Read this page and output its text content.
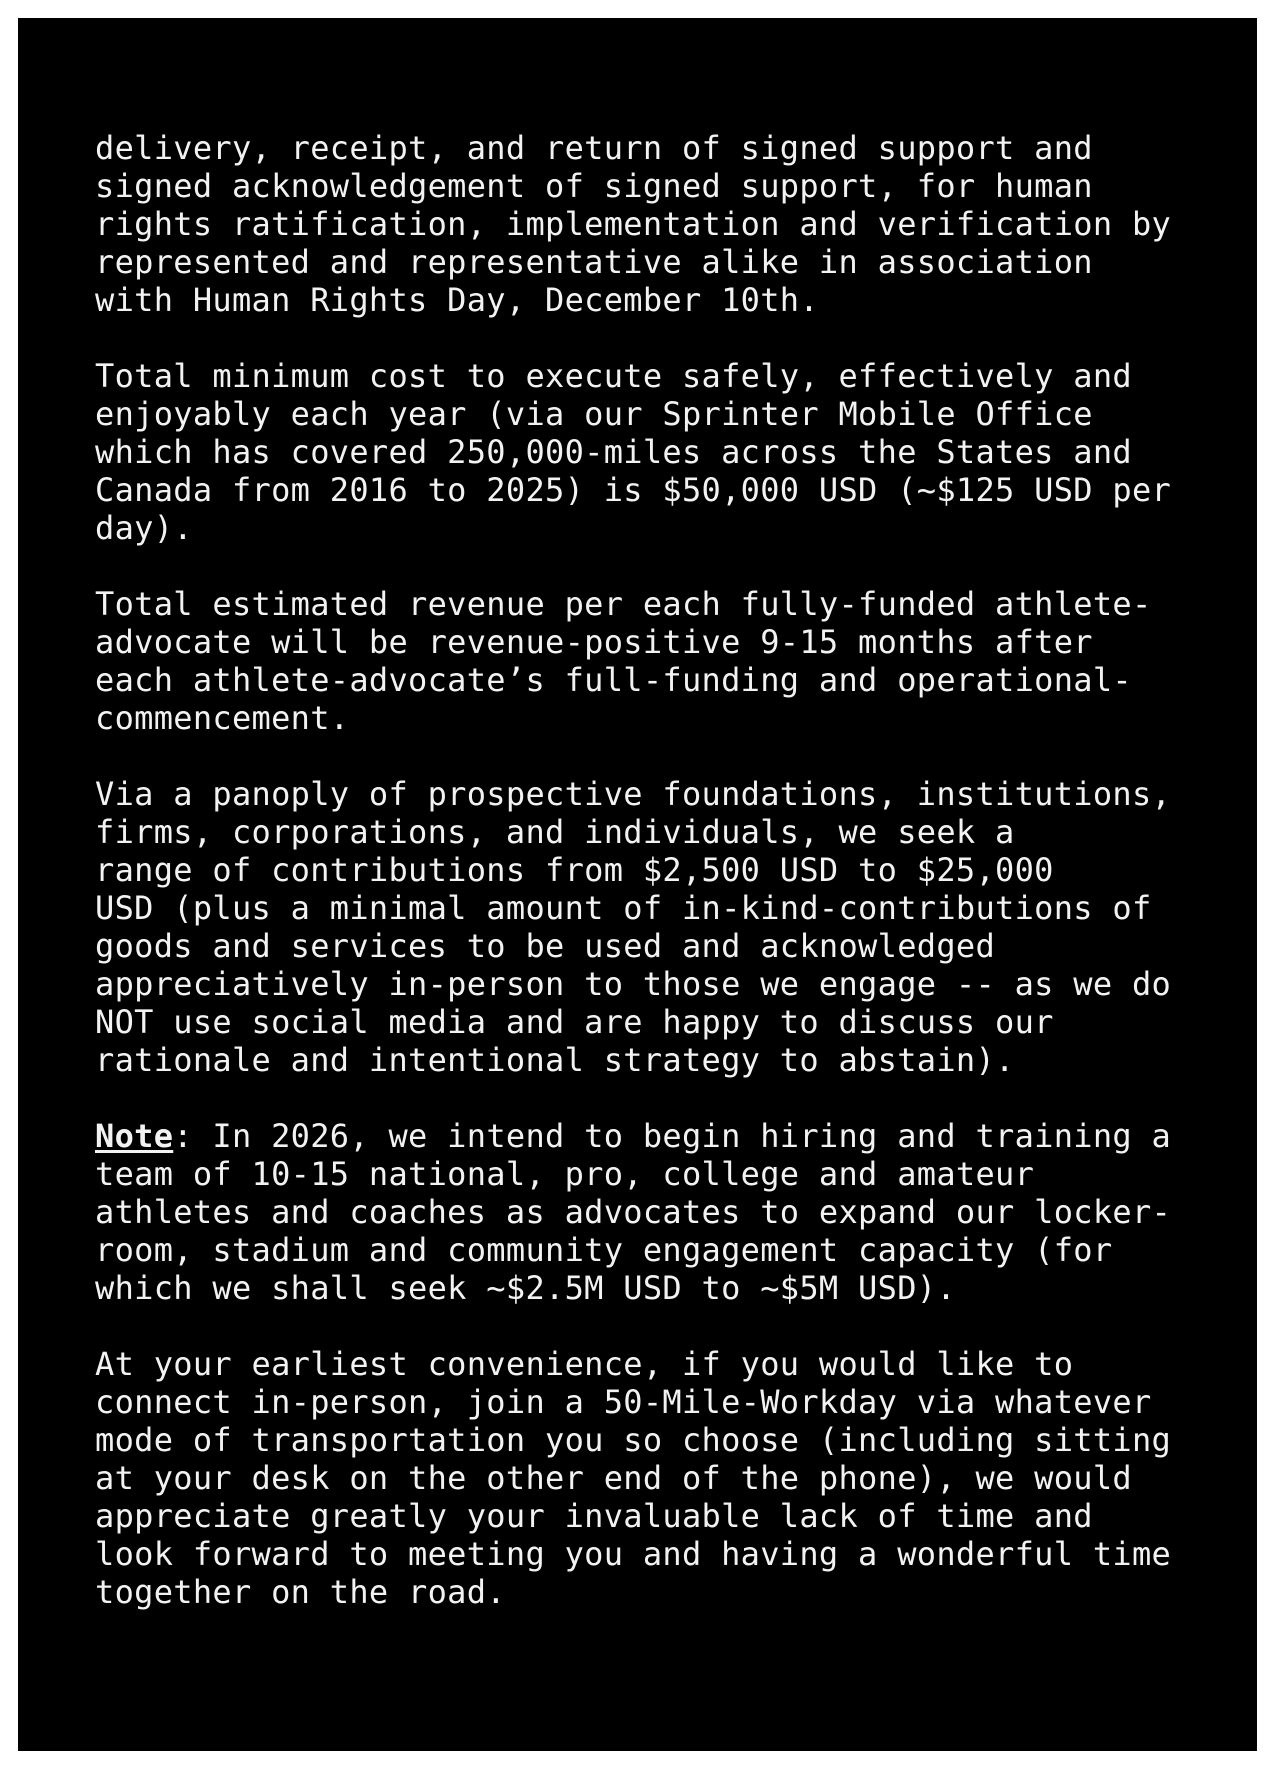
delivery, receipt, and return of signed support and
signed acknowledgement of signed support, for human
rights ratification, implementation and verification by
represented and representative alike in association
with Human Rights Day, December 10th.

Total minimum cost to execute safely, effectively and
enjoyably each year (via our Sprinter Mobile Office
which has covered 250,000-miles across the States and
Canada from 2016 to 2025) is $50,000 USD (~$125 USD per
day).

Total estimated revenue per each fully-funded athlete-
advocate will be revenue-positive 9-15 months after
each athlete-advocate’s full-funding and operational-
commencement.

Via a panoply of prospective foundations, institutions,
firms, corporations, and individuals, we seek a
range of contributions from $2,500 USD to $25,000
USD (plus a minimal amount of in-kind-contributions of
goods and services to be used and acknowledged
appreciatively in-person to those we engage -- as we do
NOT use social media and are happy to discuss our
rationale and intentional strategy to abstain).

Note: In 2026, we intend to begin hiring and training a
team of 10-15 national, pro, college and amateur
athletes and coaches as advocates to expand our locker-
room, stadium and community engagement capacity (for
which we shall seek ~$2.5M USD to ~$5M USD).

At your earliest convenience, if you would like to
connect in-person, join a 50-Mile-Workday via whatever
mode of transportation you so choose (including sitting
at your desk on the other end of the phone), we would
appreciate greatly your invaluable lack of time and
look forward to meeting you and having a wonderful time
together on the road.
